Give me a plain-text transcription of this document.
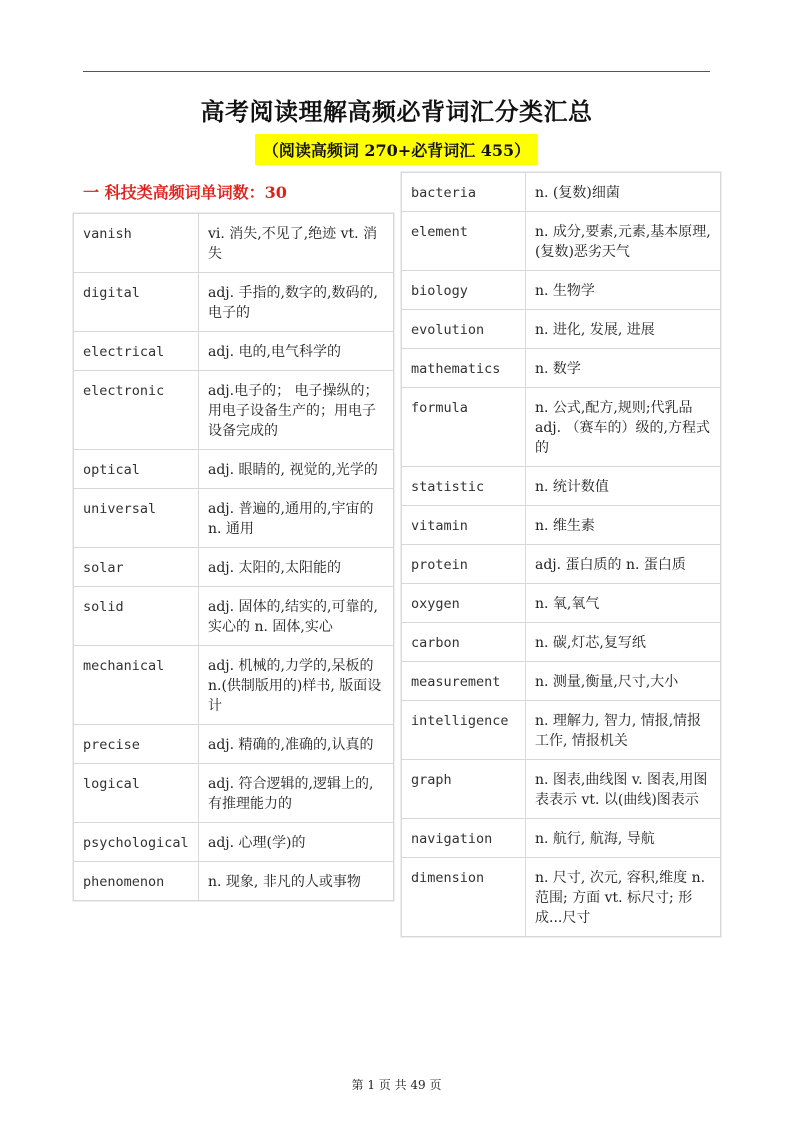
高考阅读理解高频必背词汇分类汇总
（阅读高频词 270+必背词汇 455）
一 科技类高频词单词数：30
vanish	vi. 消失,不见了,绝迹 vt. 消失
digital	adj. 手指的,数字的,数码的,电子的
electrical	adj. 电的,电气科学的
electronic	adj.电子的； 电子操纵的； 用电子设备生产的；用电子设备完成的
optical	adj. 眼睛的, 视觉的,光学的
universal	adj. 普遍的,通用的,宇宙的 n. 通用
solar	adj. 太阳的,太阳能的
solid	adj. 固体的,结实的,可靠的,实心的 n. 固体,实心
mechanical	adj. 机械的,力学的,呆板的 n.(供制版用的)样书, 版面设计
precise	adj. 精确的,准确的,认真的
logical	adj. 符合逻辑的,逻辑上的,有推理能力的
psychological	adj. 心理(学)的
phenomenon	n. 现象, 非凡的人或事物
bacteria	n. (复数)细菌
element	n. 成分,要素,元素,基本原理,(复数)恶劣天气
biology	n. 生物学
evolution	n. 进化, 发展, 进展
mathematics	n. 数学
formula	n. 公式,配方,规则;代乳品 adj. （赛车的）级的,方程式的
statistic	n. 统计数值
vitamin	n. 维生素
protein	adj. 蛋白质的 n. 蛋白质
oxygen	n. 氧,氧气
carbon	n. 碳,灯芯,复写纸
measurement	n. 测量,衡量,尺寸,大小
intelligence	n. 理解力, 智力, 情报,情报工作, 情报机关
graph	n. 图表,曲线图 v. 图表,用图表表示 vt. 以(曲线)图表示
navigation	n. 航行, 航海, 导航
dimension	n. 尺寸, 次元, 容积,维度 n. 范围; 方面 vt. 标尺寸; 形成...尺寸
第 1 页 共 49 页
